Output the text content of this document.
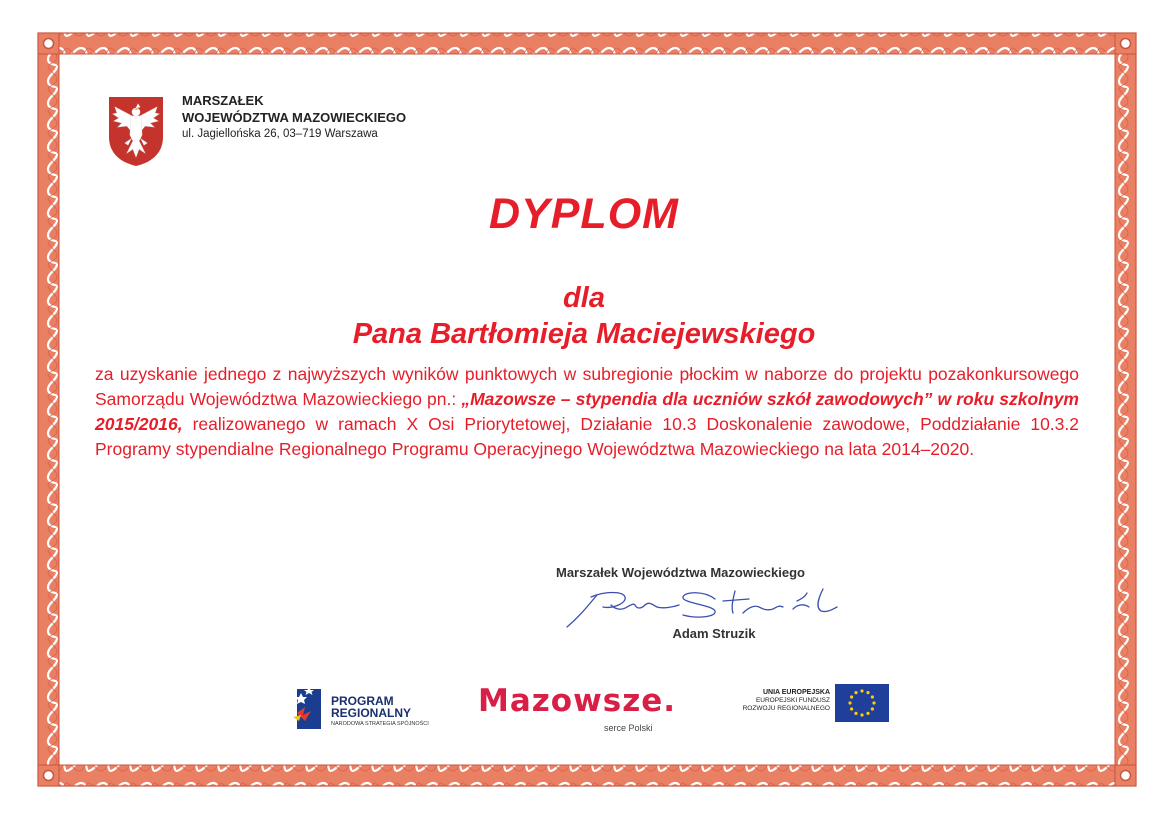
MARSZAŁEK
WOJEWÓDZTWA MAZOWIECKIEGO
ul. Jagiellońska 26, 03–719 Warszawa
DYPLOM
dla
Pana Bartłomieja Maciejewskiego
za uzyskanie jednego z najwyższych wyników punktowych w subregionie płockim w naborze do projektu pozakonkursowego Samorządu Województwa Mazowieckiego pn.: „Mazowsze – stypendia dla uczniów szkół zawodowych” w roku szkolnym 2015/2016, realizowanego w ramach X Osi Priorytetowej, Działanie 10.3 Doskonalenie zawodowe, Poddziałanie 10.3.2 Programy stypendialne Regionalnego Programu Operacyjnego Województwa Mazowieckiego na lata 2014–2020.
Marszałek Województwa Mazowieckiego
Adam Struzik
PROGRAM
REGIONALNY
NARODOWA STRATEGIA SPÓJNOŚCI
Mazowsze.
serce Polski
UNIA EUROPEJSKA
EUROPEJSKI FUNDUSZ
ROZWOJU REGIONALNEGO
